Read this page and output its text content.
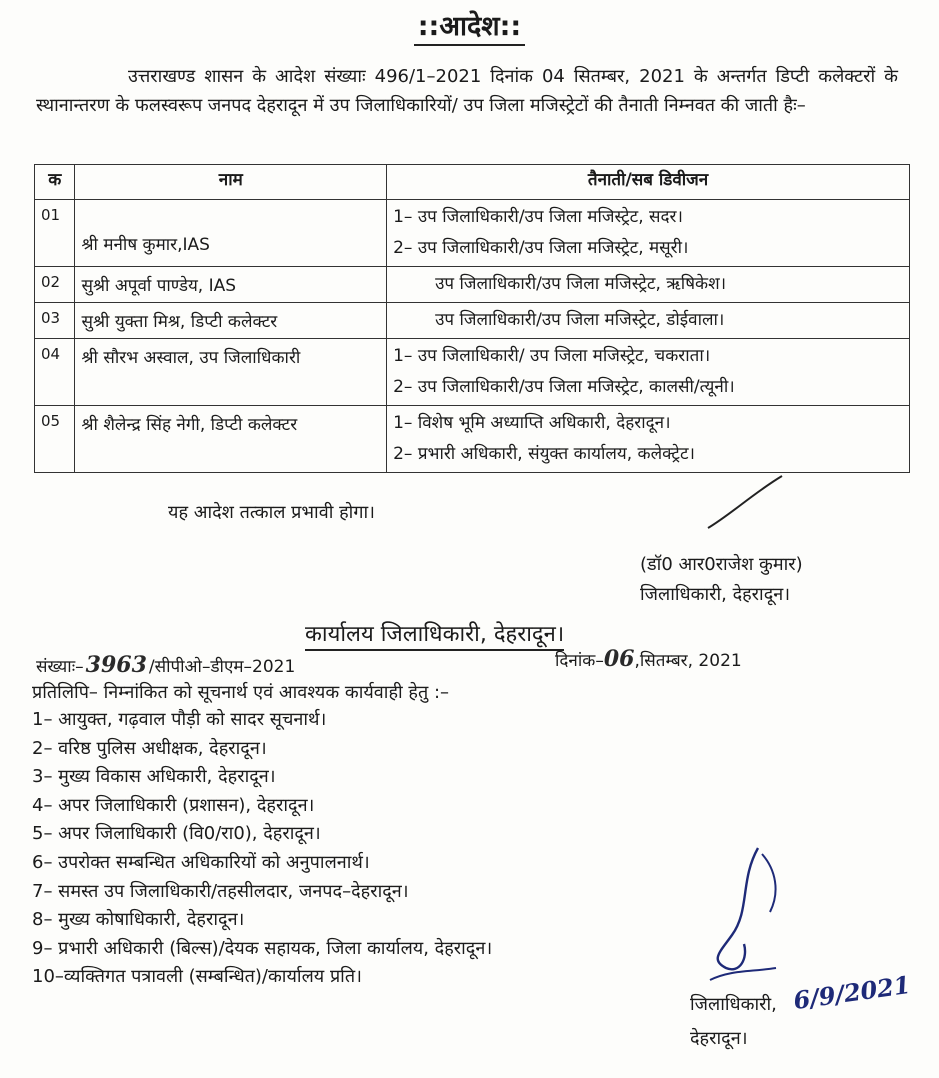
::आदेश::
उत्तराखण्ड शासन के आदेश संख्याः 496/1–2021 दिनांक 04 सितम्बर, 2021 के अन्तर्गत डिप्टी कलेक्टरों के स्थानान्तरण के फलस्वरूप जनपद देहरादून में उप जिलाधिकारियों/ उप जिला मजिस्ट्रेटों की तैनाती निम्नवत की जाती हैः–
क	नाम	तैनाती/सब डिवीजन
01	श्री मनीष कुमार,IAS	1– उप जिलाधिकारी/उप जिला मजिस्ट्रेट, सदर।
2– उप जिलाधिकारी/उप जिला मजिस्ट्रेट, मसूरी।

02	सुश्री अपूर्वा पाण्डेय, IAS	उप जिलाधिकारी/उप जिला मजिस्ट्रेट, ऋषिकेश।

03	सुश्री युक्ता मिश्र, डिप्टी कलेक्टर	उप जिलाधिकारी/उप जिला मजिस्ट्रेट, डोईवाला।

04	श्री सौरभ अस्वाल, उप जिलाधिकारी	1– उप जिलाधिकारी/ उप जिला मजिस्ट्रेट, चकराता।
2– उप जिलाधिकारी/उप जिला मजिस्ट्रेट, कालसी/त्यूनी।

05	श्री शैलेन्द्र सिंह नेगी, डिप्टी कलेक्टर	1– विशेष भूमि अध्याप्ति अधिकारी, देहरादून।
2– प्रभारी अधिकारी, संयुक्त कार्यालय, कलेक्ट्रेट।
यह आदेश तत्काल प्रभावी होगा।
(डॉ0 आर0राजेश कुमार)
जिलाधिकारी, देहरादून।
कार्यालय जिलाधिकारी, देहरादून।
संख्याः–3963 /सीपीओ–डीएम–2021	दिनांक–06,सितम्बर, 2021
प्रतिलिपि– निम्नांकित को सूचनार्थ एवं आवश्यक कार्यवाही हेतु :–
1– आयुक्त, गढ़वाल पौड़ी को सादर सूचनार्थ।
2– वरिष्ठ पुलिस अधीक्षक, देहरादून।
3– मुख्य विकास अधिकारी, देहरादून।
4– अपर जिलाधिकारी (प्रशासन), देहरादून।
5– अपर जिलाधिकारी (वि0/रा0), देहरादून।
6– उपरोक्त सम्बन्धित अधिकारियों को अनुपालनार्थ।
7– समस्त उप जिलाधिकारी/तहसीलदार, जनपद–देहरादून।
8– मुख्य कोषाधिकारी, देहरादून।
9– प्रभारी अधिकारी (बिल्स)/देयक सहायक, जिला कार्यालय, देहरादून।
10–व्यक्तिगत पत्रावली (सम्बन्धित)/कार्यालय प्रति।	6/9/2021
जिलाधिकारी,
देहरादून।
